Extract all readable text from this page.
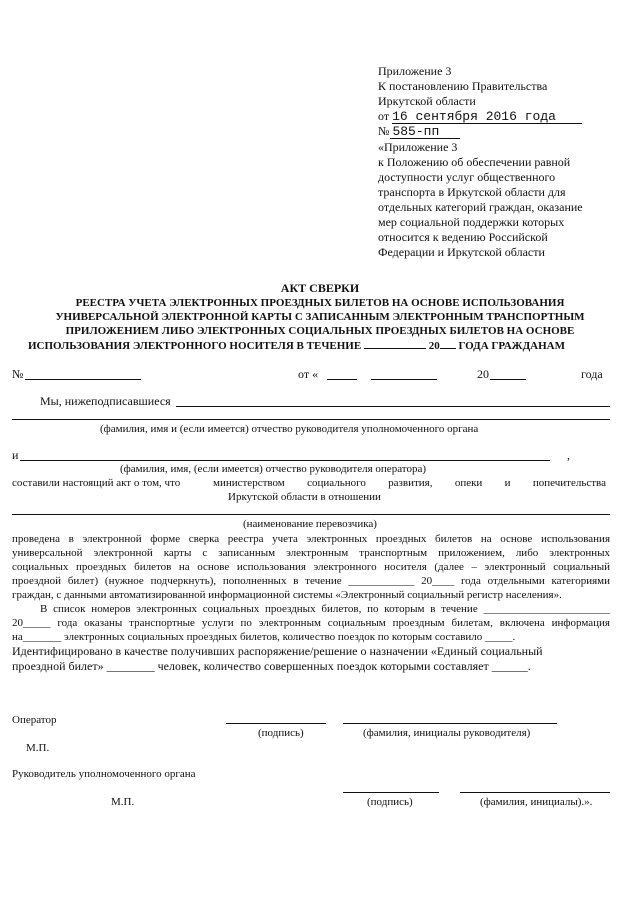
Приложение 3
К постановлению Правительства
Иркутской области
от 16 сентября 2016 года
№ 585-пп
«Приложение 3
к Положению об обеспечении равной
доступности услуг общественного
транспорта в Иркутской области для
отдельных категорий граждан, оказание
мер социальной поддержки которых
относится к ведению Российской
Федерации и Иркутской области
АКТ СВЕРКИ
РЕЕСТРА УЧЕТА ЭЛЕКТРОННЫХ ПРОЕЗДНЫХ БИЛЕТОВ НА ОСНОВЕ ИСПОЛЬЗОВАНИЯ
УНИВЕРСАЛЬНОЙ ЭЛЕКТРОННОЙ КАРТЫ С ЗАПИСАННЫМ ЭЛЕКТРОННЫМ ТРАНСПОРТНЫМ
ПРИЛОЖЕНИЕМ ЛИБО ЭЛЕКТРОННЫХ СОЦИАЛЬНЫХ ПРОЕЗДНЫХ БИЛЕТОВ НА ОСНОВЕ
ИСПОЛЬЗОВАНИЯ ЭЛЕКТРОННОГО НОСИТЕЛЯ В ТЕЧЕНИЕ	20 ГОДА ГРАЖДАНАМ
№	от «	20	года
Мы, нижеподписавшиеся
(фамилия, имя и (если имеется) отчество руководителя уполномоченного органа
и	,
(фамилия, имя, (если имеется) отчество руководителя оператора)
составили настоящий акт о том, что	министерством социального развития, опеки и попечительства
Иркутской области в отношении
(наименование перевозчика)
проведена в электронной форме сверка реестра учета электронных проездных билетов на основе использования
универсальной электронной карты с записанным электронным транспортным приложением, либо электронных
социальных проездных билетов на основе использования электронного носителя (далее – электронный социальный
проездной билет) (нужное подчеркнуть), пополненных в течение ____________ 20____ года отдельными категориями
граждан, с данными автоматизированной информационной системы «Электронный социальный регистр населения».
В список номеров электронных социальных проездных билетов, по которым в течение _______________________
20_____ года оказаны транспортные услуги по электронным социальным проездным билетам, включена информация
на_______ электронных социальных проездных билетов, количество поездок по которым составило _____.
Идентифицировано в качестве получивших распоряжение/решение о назначении «Единый социальный
проездной билет» ________ человек, количество совершенных поездок которыми составляет ______.
Оператор
(подпись)	(фамилия, инициалы руководителя)
М.П.
Руководитель уполномоченного органа
М.П.	(подпись)	(фамилия, инициалы).».
